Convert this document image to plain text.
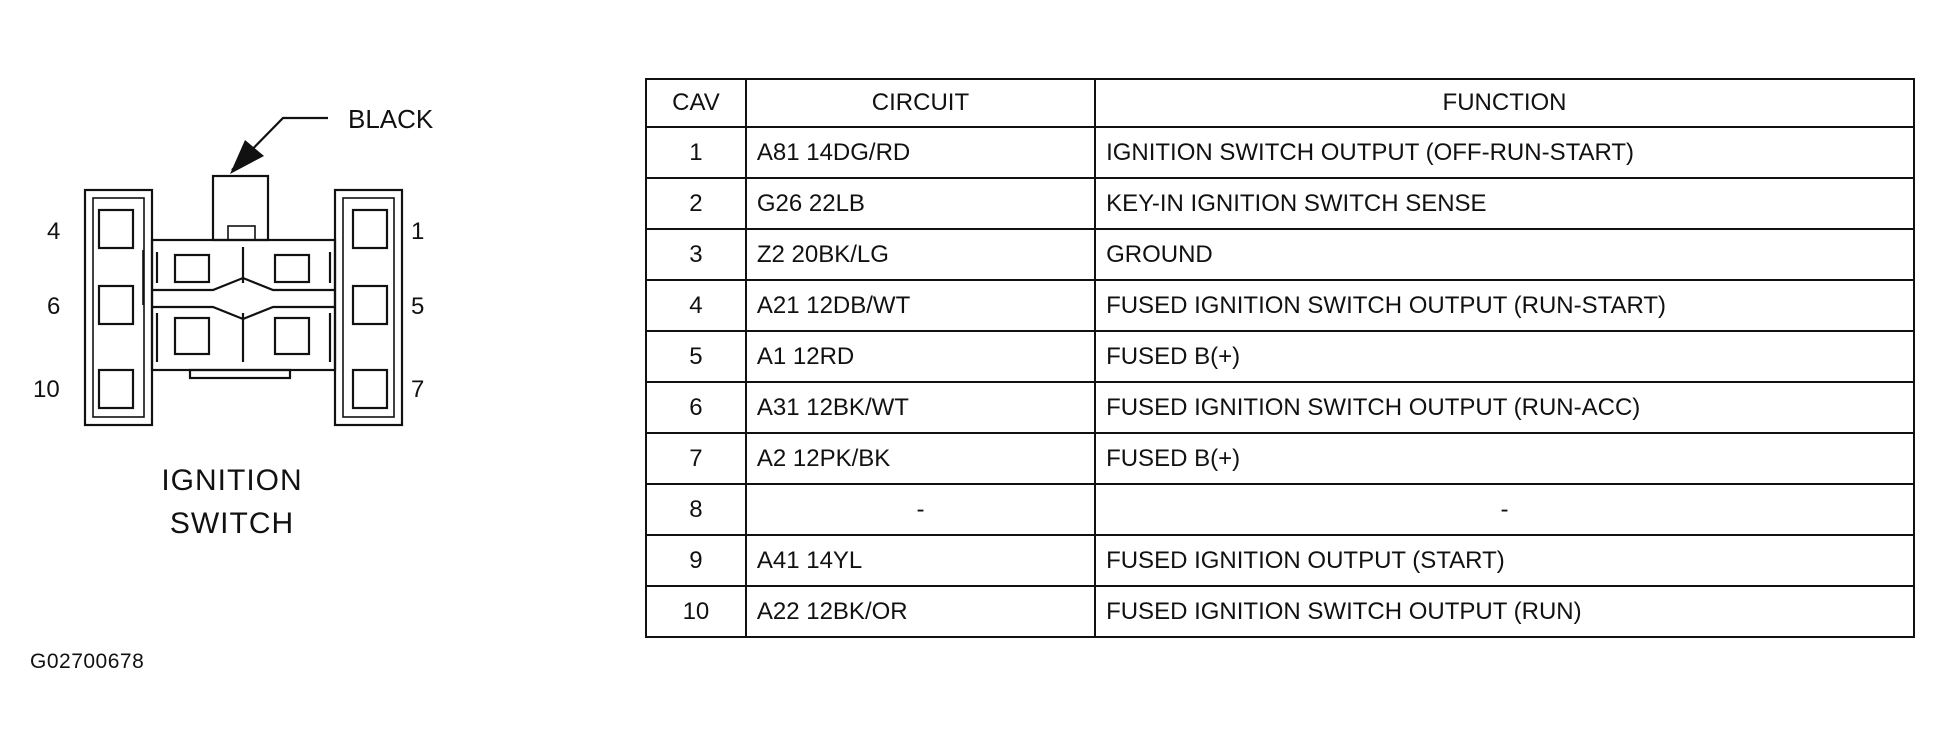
BLACK
4
6
10
1
5
7
IGNITION
SWITCH
G02700678
CAV	CIRCUIT	FUNCTION
1	A81 14DG/RD	IGNITION SWITCH OUTPUT (OFF-RUN-START)
2	G26 22LB	KEY-IN IGNITION SWITCH SENSE
3	Z2 20BK/LG	GROUND
4	A21 12DB/WT	FUSED IGNITION SWITCH OUTPUT (RUN-START)
5	A1 12RD	FUSED B(+)
6	A31 12BK/WT	FUSED IGNITION SWITCH OUTPUT (RUN-ACC)
7	A2 12PK/BK	FUSED B(+)
8	-	-
9	A41 14YL	FUSED IGNITION OUTPUT (START)
10	A22 12BK/OR	FUSED IGNITION SWITCH OUTPUT (RUN)
